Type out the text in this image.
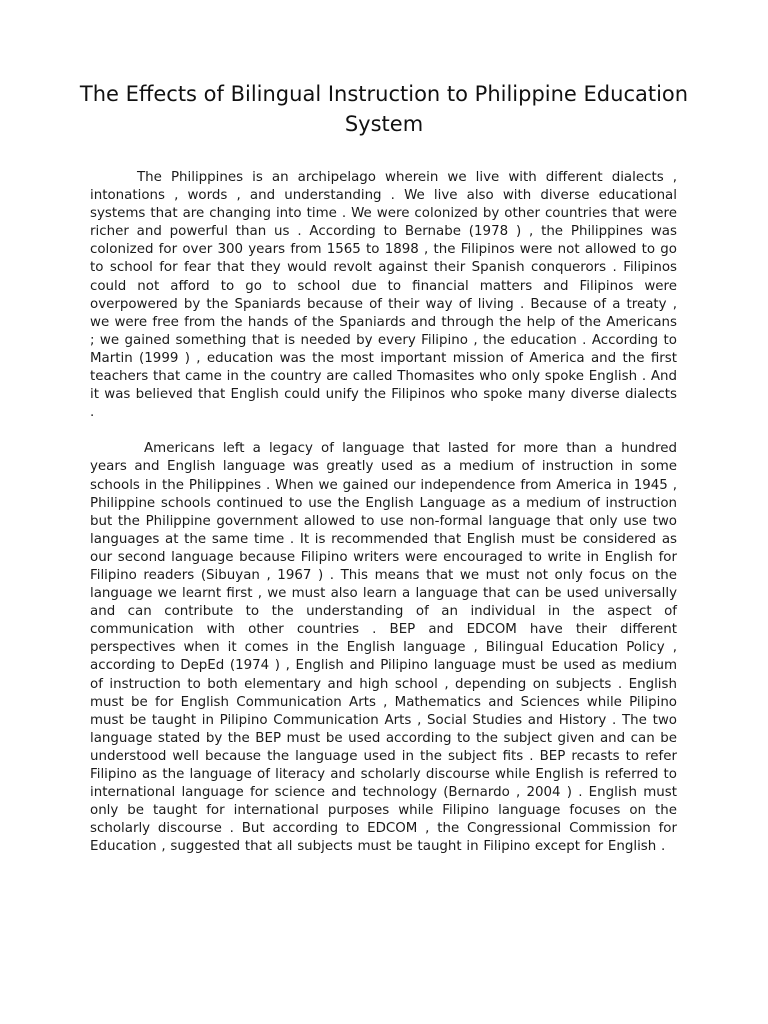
The Effects of Bilingual Instruction to Philippine Education System

The Philippines is an archipelago wherein we live with different dialects , intonations , words , and understanding . We live also with diverse educational systems that are changing into time . We were colonized by other countries that were richer and powerful than us . According to Bernabe (1978 ) , the Philippines was colonized for over 300 years from 1565 to 1898 , the Filipinos were not allowed to go to school for fear that they would revolt against their Spanish conquerors . Filipinos could not afford to go to school due to financial matters and Filipinos were overpowered by the Spaniards because of their way of living . Because of a treaty , we were free from the hands of the Spaniards and through the help of the Americans ; we gained something that is needed by every Filipino , the education . According to Martin (1999 ) , education was the most important mission of America and the first teachers that came in the country are called Thomasites who only spoke English . And it was believed that English could unify the Filipinos who spoke many diverse dialects .

Americans left a legacy of language that lasted for more than a hundred years and English language was greatly used as a medium of instruction in some schools in the Philippines . When we gained our independence from America in 1945 , Philippine schools continued to use the English Language as a medium of instruction but the Philippine government allowed to use non-formal language that only use two languages at the same time . It is recommended that English must be considered as our second language because Filipino writers were encouraged to write in English for Filipino readers (Sibuyan , 1967 ) . This means that we must not only focus on the language we learnt first , we must also learn a language that can be used universally and can contribute to the understanding of an individual in the aspect of communication with other countries . BEP and EDCOM have their different perspectives when it comes in the English language , Bilingual Education Policy , according to DepEd (1974 ) , English and Pilipino language must be used as medium of instruction to both elementary and high school , depending on subjects . English must be for English Communication Arts , Mathematics and Sciences while Pilipino must be taught in Pilipino Communication Arts , Social Studies and History . The two language stated by the BEP must be used according to the subject given and can be understood well because the language used in the subject fits . BEP recasts to refer Filipino as the language of literacy and scholarly discourse while English is referred to international language for science and technology (Bernardo , 2004 ) . English must only be taught for international purposes while Filipino language focuses on the scholarly discourse . But according to EDCOM , the Congressional Commission for Education , suggested that all subjects must be taught in Filipino except for English .
